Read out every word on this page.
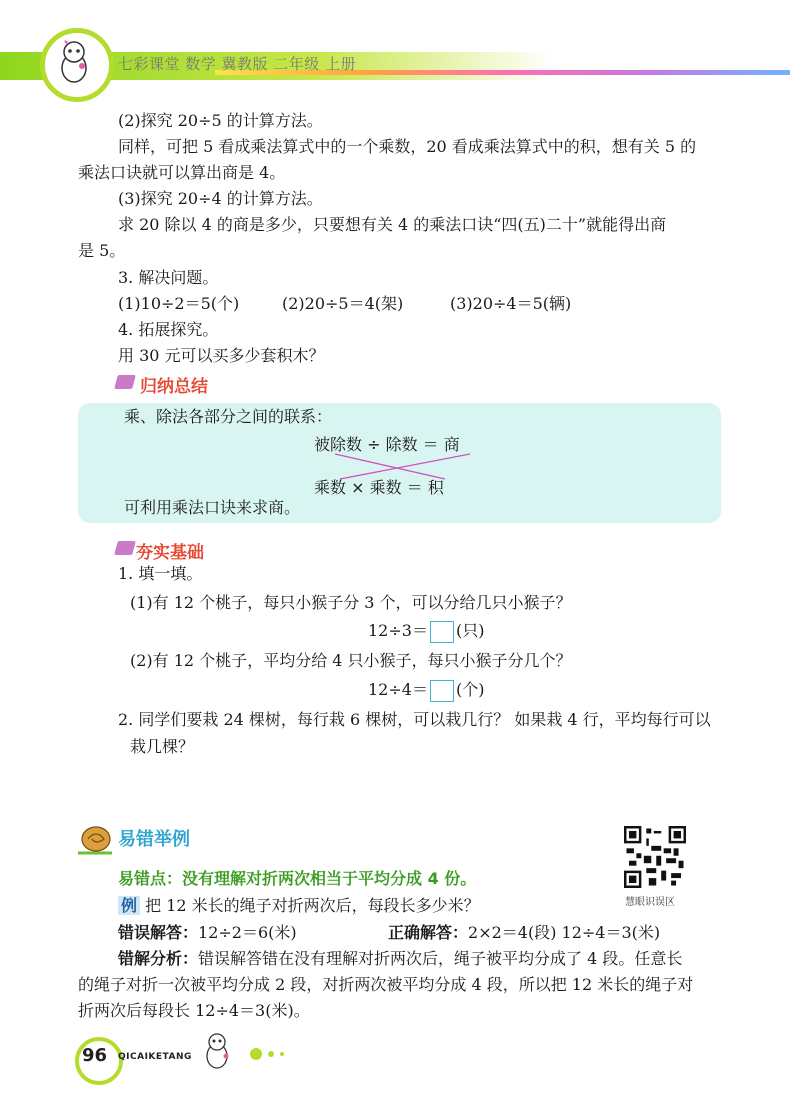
七彩课堂 数学 冀教版 二年级 上册
(2)探究 20÷5 的计算方法。
同样，可把 5 看成乘法算式中的一个乘数，20 看成乘法算式中的积，想有关 5 的
乘法口诀就可以算出商是 4。
(3)探究 20÷4 的计算方法。
求 20 除以 4 的商是多少，只要想有关 4 的乘法口诀“四(五)二十”就能得出商
是 5。
3. 解决问题。
(1)10÷2＝5(个)	(2)20÷5＝4(架)	(3)20÷4＝5(辆)
4. 拓展探究。
用 30 元可以买多少套积木？
归纳总结
乘、除法各部分之间的联系：
被除数 ÷ 除数 ＝ 商
乘数 × 乘数 ＝ 积
可利用乘法口诀来求商。
夯实基础
1. 填一填。
(1)有 12 个桃子，每只小猴子分 3 个，可以分给几只小猴子？
12÷3＝ (只)
(2)有 12 个桃子，平均分给 4 只小猴子，每只小猴子分几个？
12÷4＝ (个)
2. 同学们要栽 24 棵树，每行栽 6 棵树，可以栽几行？ 如果栽 4 行，平均每行可以
栽几棵？
易错举例
易错点：没有理解对折两次相当于平均分成 4 份。
例 把 12 米长的绳子对折两次后，每段长多少米？
错误解答：12÷2＝6(米)	正确解答：2×2＝4(段) 12÷4＝3(米)
错解分析：错误解答错在没有理解对折两次后，绳子被平均分成了 4 段。任意长
的绳子对折一次被平均分成 2 段，对折两次被平均分成 4 段，所以把 12 米长的绳子对
折两次后每段长 12÷4＝3(米)。
慧眼识误区
96 QICAIKETANG
